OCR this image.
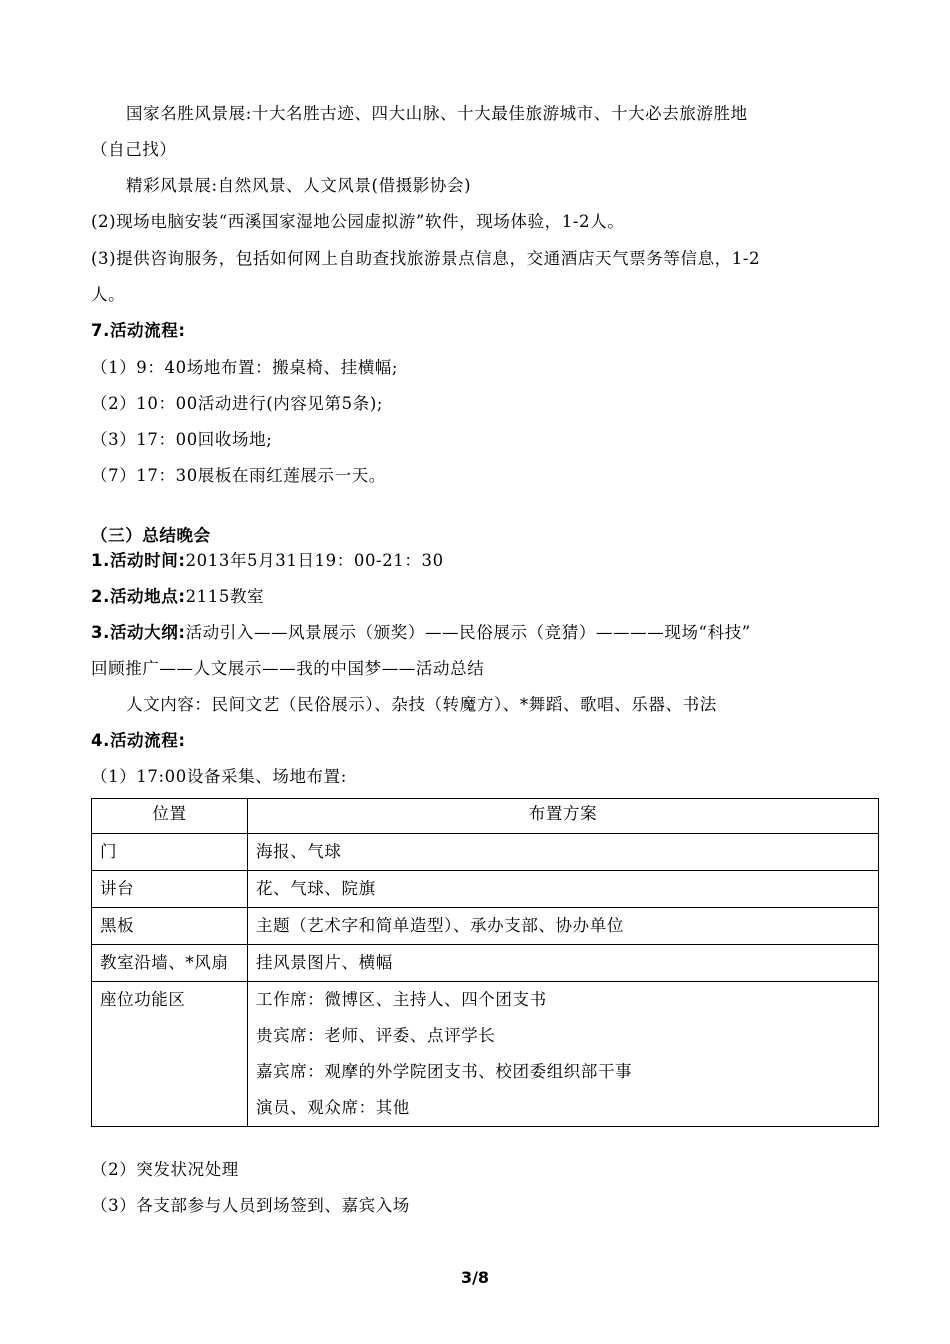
国家名胜风景展:十大名胜古迹、四大山脉、十大最佳旅游城市、十大必去旅游胜地
（自己找）
精彩风景展:自然风景、人文风景(借摄影协会)
(2)现场电脑安装“西溪国家湿地公园虚拟游”软件，现场体验，1-2人。
(3)提供咨询服务，包括如何网上自助查找旅游景点信息，交通酒店天气票务等信息，1-2
人。
7.活动流程:
（1）9：40场地布置：搬桌椅、挂横幅;
（2）10：00活动进行(内容见第5条);
（3）17：00回收场地;
（7）17：30展板在雨红莲展示一天。
（三）总结晚会
1.活动时间:2013年5月31日19：00-21：30
2.活动地点:2115教室
3.活动大纲:活动引入——风景展示（颁奖）——民俗展示（竞猜）————现场“科技”
回顾推广——人文展示——我的中国梦——活动总结
人文内容：民间文艺（民俗展示）、杂技（转魔方）、*舞蹈、歌唱、乐器、书法
4.活动流程:
（1）17:00设备采集、场地布置:
位置	布置方案
门	海报、气球
讲台	花、气球、院旗
黑板	主题（艺术字和简单造型）、承办支部、协办单位
教室沿墙、*风扇	挂风景图片、横幅
座位功能区	工作席：微博区、主持人、四个团支书
贵宾席：老师、评委、点评学长
嘉宾席：观摩的外学院团支书、校团委组织部干事
演员、观众席：其他
（2）突发状况处理
（3）各支部参与人员到场签到、嘉宾入场
3/8
